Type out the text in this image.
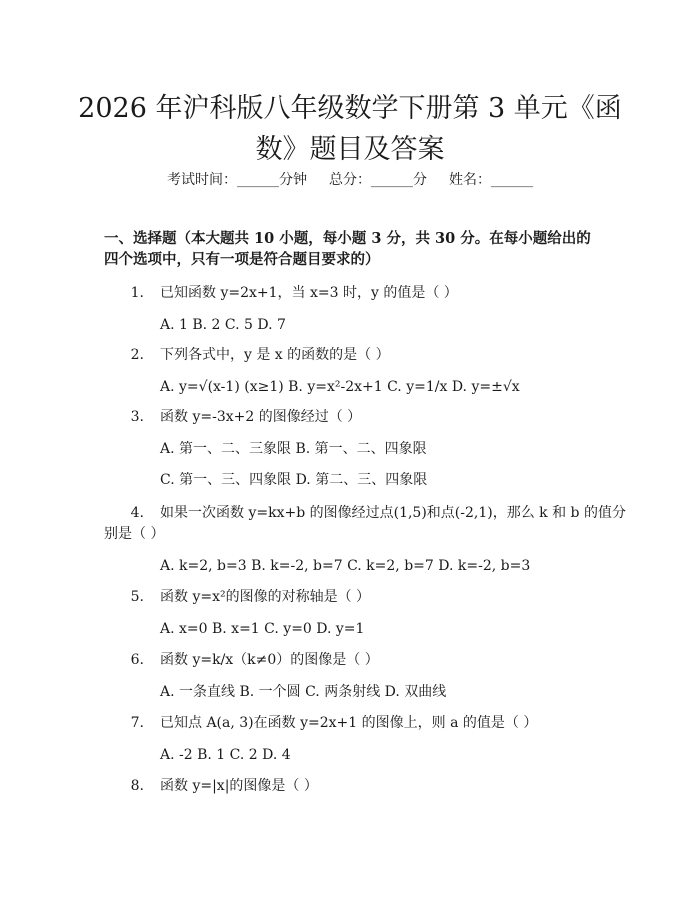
2026 年沪科版八年级数学下册第 3 单元《函
数》题目及答案
考试时间：______分钟 总分：______分 姓名：______
一、选择题（本大题共 10 小题，每小题 3 分，共 30 分。在每小题给出的四个选项中，只有一项是符合题目要求的）
1. 已知函数 y=2x+1，当 x=3 时，y 的值是（ ）
A. 1 B. 2 C. 5 D. 7
2. 下列各式中，y 是 x 的函数的是（ ）
A. y=√(x-1) (x≥1) B. y=x²-2x+1 C. y=1/x D. y=±√x
3. 函数 y=-3x+2 的图像经过（ ）
A. 第一、二、三象限 B. 第一、二、四象限
C. 第一、三、四象限 D. 第二、三、四象限
4. 如果一次函数 y=kx+b 的图像经过点(1,5)和点(-2,1)，那么 k 和 b 的值分
别是（ ）
A. k=2, b=3 B. k=-2, b=7 C. k=2, b=7 D. k=-2, b=3
5. 函数 y=x²的图像的对称轴是（ ）
A. x=0 B. x=1 C. y=0 D. y=1
6. 函数 y=k/x（k≠0）的图像是（ ）
A. 一条直线 B. 一个圆 C. 两条射线 D. 双曲线
7. 已知点 A(a, 3)在函数 y=2x+1 的图像上，则 a 的值是（ ）
A. -2 B. 1 C. 2 D. 4
8. 函数 y=|x|的图像是（ ）
